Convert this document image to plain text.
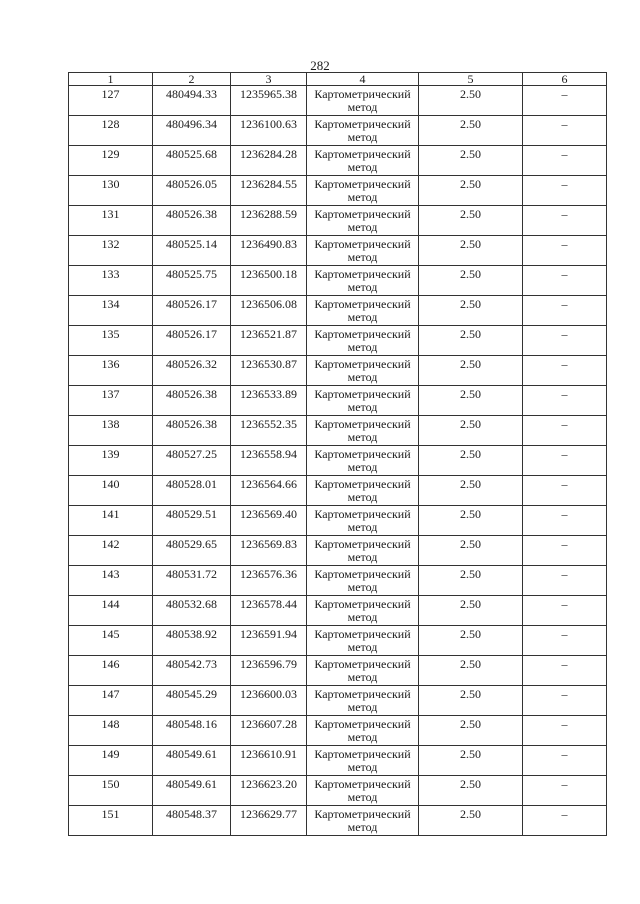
282
1	2	3	4	5	6
127	480494.33	1235965.38	Картометрический метод	2.50	–
128	480496.34	1236100.63	Картометрический метод	2.50	–
129	480525.68	1236284.28	Картометрический метод	2.50	–
130	480526.05	1236284.55	Картометрический метод	2.50	–
131	480526.38	1236288.59	Картометрический метод	2.50	–
132	480525.14	1236490.83	Картометрический метод	2.50	–
133	480525.75	1236500.18	Картометрический метод	2.50	–
134	480526.17	1236506.08	Картометрический метод	2.50	–
135	480526.17	1236521.87	Картометрический метод	2.50	–
136	480526.32	1236530.87	Картометрический метод	2.50	–
137	480526.38	1236533.89	Картометрический метод	2.50	–
138	480526.38	1236552.35	Картометрический метод	2.50	–
139	480527.25	1236558.94	Картометрический метод	2.50	–
140	480528.01	1236564.66	Картометрический метод	2.50	–
141	480529.51	1236569.40	Картометрический метод	2.50	–
142	480529.65	1236569.83	Картометрический метод	2.50	–
143	480531.72	1236576.36	Картометрический метод	2.50	–
144	480532.68	1236578.44	Картометрический метод	2.50	–
145	480538.92	1236591.94	Картометрический метод	2.50	–
146	480542.73	1236596.79	Картометрический метод	2.50	–
147	480545.29	1236600.03	Картометрический метод	2.50	–
148	480548.16	1236607.28	Картометрический метод	2.50	–
149	480549.61	1236610.91	Картометрический метод	2.50	–
150	480549.61	1236623.20	Картометрический метод	2.50	–
151	480548.37	1236629.77	Картометрический метод	2.50	–
